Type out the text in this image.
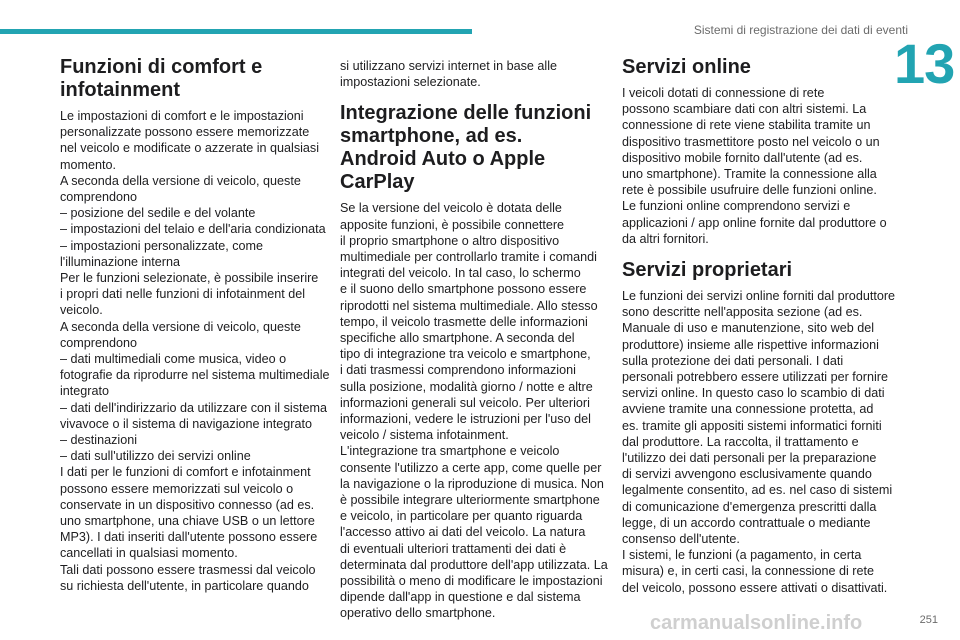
Sistemi di registrazione dei dati di eventi
13
Funzioni di comfort e infotainment

Le impostazioni di comfort e le impostazioni
personalizzate possono essere memorizzate
nel veicolo e modificate o azzerate in qualsiasi
momento.
A seconda della versione di veicolo, queste
comprendono
– posizione del sedile e del volante
– impostazioni del telaio e dell'aria condizionata
– impostazioni personalizzate, come
l'illuminazione interna
Per le funzioni selezionate, è possibile inserire
i propri dati nelle funzioni di infotainment del
veicolo.
A seconda della versione di veicolo, queste
comprendono
– dati multimediali come musica, video o
fotografie da riprodurre nel sistema multimediale
integrato
– dati dell'indirizzario da utilizzare con il sistema
vivavoce o il sistema di navigazione integrato
– destinazioni
– dati sull'utilizzo dei servizi online
I dati per le funzioni di comfort e infotainment
possono essere memorizzati sul veicolo o
conservate in un dispositivo connesso (ad es.
uno smartphone, una chiave USB o un lettore
MP3). I dati inseriti dall'utente possono essere
cancellati in qualsiasi momento.
Tali dati possono essere trasmessi dal veicolo
su richiesta dell'utente, in particolare quando

si utilizzano servizi internet in base alle
impostazioni selezionate.

Integrazione delle funzioni smartphone, ad es. Android Auto o Apple CarPlay

Se la versione del veicolo è dotata delle
apposite funzioni, è possibile connettere
il proprio smartphone o altro dispositivo
multimediale per controllarlo tramite i comandi
integrati del veicolo. In tal caso, lo schermo
e il suono dello smartphone possono essere
riprodotti nel sistema multimediale. Allo stesso
tempo, il veicolo trasmette delle informazioni
specifiche allo smartphone. A seconda del
tipo di integrazione tra veicolo e smartphone,
i dati trasmessi comprendono informazioni
sulla posizione, modalità giorno / notte e altre
informazioni generali sul veicolo. Per ulteriori
informazioni, vedere le istruzioni per l'uso del
veicolo / sistema infotainment.
L'integrazione tra smartphone e veicolo
consente l'utilizzo a certe app, come quelle per
la navigazione o la riproduzione di musica. Non
è possibile integrare ulteriormente smartphone
e veicolo, in particolare per quanto riguarda
l'accesso attivo ai dati del veicolo. La natura
di eventuali ulteriori trattamenti dei dati è
determinata dal produttore dell'app utilizzata. La
possibilità o meno di modificare le impostazioni
dipende dall'app in questione e dal sistema
operativo dello smartphone.

Servizi online

I veicoli dotati di connessione di rete
possono scambiare dati con altri sistemi. La
connessione di rete viene stabilita tramite un
dispositivo trasmettitore posto nel veicolo o un
dispositivo mobile fornito dall'utente (ad es.
uno smartphone). Tramite la connessione alla
rete è possibile usufruire delle funzioni online.
Le funzioni online comprendono servizi e
applicazioni / app online fornite dal produttore o
da altri fornitori.

Servizi proprietari

Le funzioni dei servizi online forniti dal produttore
sono descritte nell'apposita sezione (ad es.
Manuale di uso e manutenzione, sito web del
produttore) insieme alle rispettive informazioni
sulla protezione dei dati personali. I dati
personali potrebbero essere utilizzati per fornire
servizi online. In questo caso lo scambio di dati
avviene tramite una connessione protetta, ad
es. tramite gli appositi sistemi informatici forniti
dal produttore. La raccolta, il trattamento e
l'utilizzo dei dati personali per la preparazione
di servizi avvengono esclusivamente quando
legalmente consentito, ad es. nel caso di sistemi
di comunicazione d'emergenza prescritti dalla
legge, di un accordo contrattuale o mediante
consenso dell'utente.
I sistemi, le funzioni (a pagamento, in certa
misura) e, in certi casi, la connessione di rete
del veicolo, possono essere attivati o disattivati.

carmanualsonline.info	251
